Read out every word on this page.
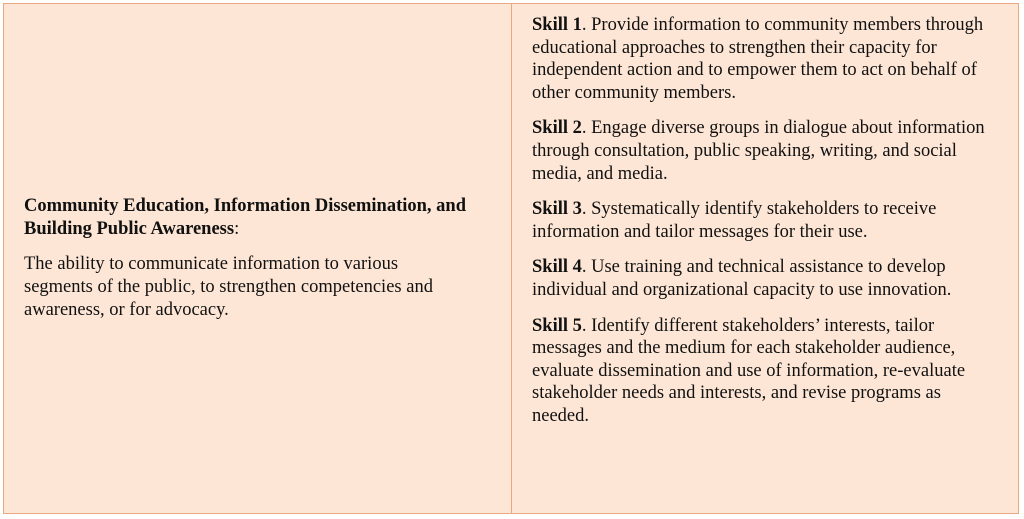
Community Education, Information Dissemination, and Building Public Awareness:

The ability to communicate information to various segments of the public, to strengthen competencies and awareness, or for advocacy.

Skill 1. Provide information to community members through educational approaches to strengthen their capacity for independent action and to empower them to act on behalf of other community members.

Skill 2. Engage diverse groups in dialogue about information through consultation, public speaking, writing, and social media, and media.

Skill 3. Systematically identify stakeholders to receive information and tailor messages for their use.

Skill 4. Use training and technical assistance to develop individual and organizational capacity to use innovation.

Skill 5. Identify different stakeholders’ interests, tailor messages and the medium for each stakeholder audience, evaluate dissemination and use of information, re-evaluate stakeholder needs and interests, and revise programs as needed.
